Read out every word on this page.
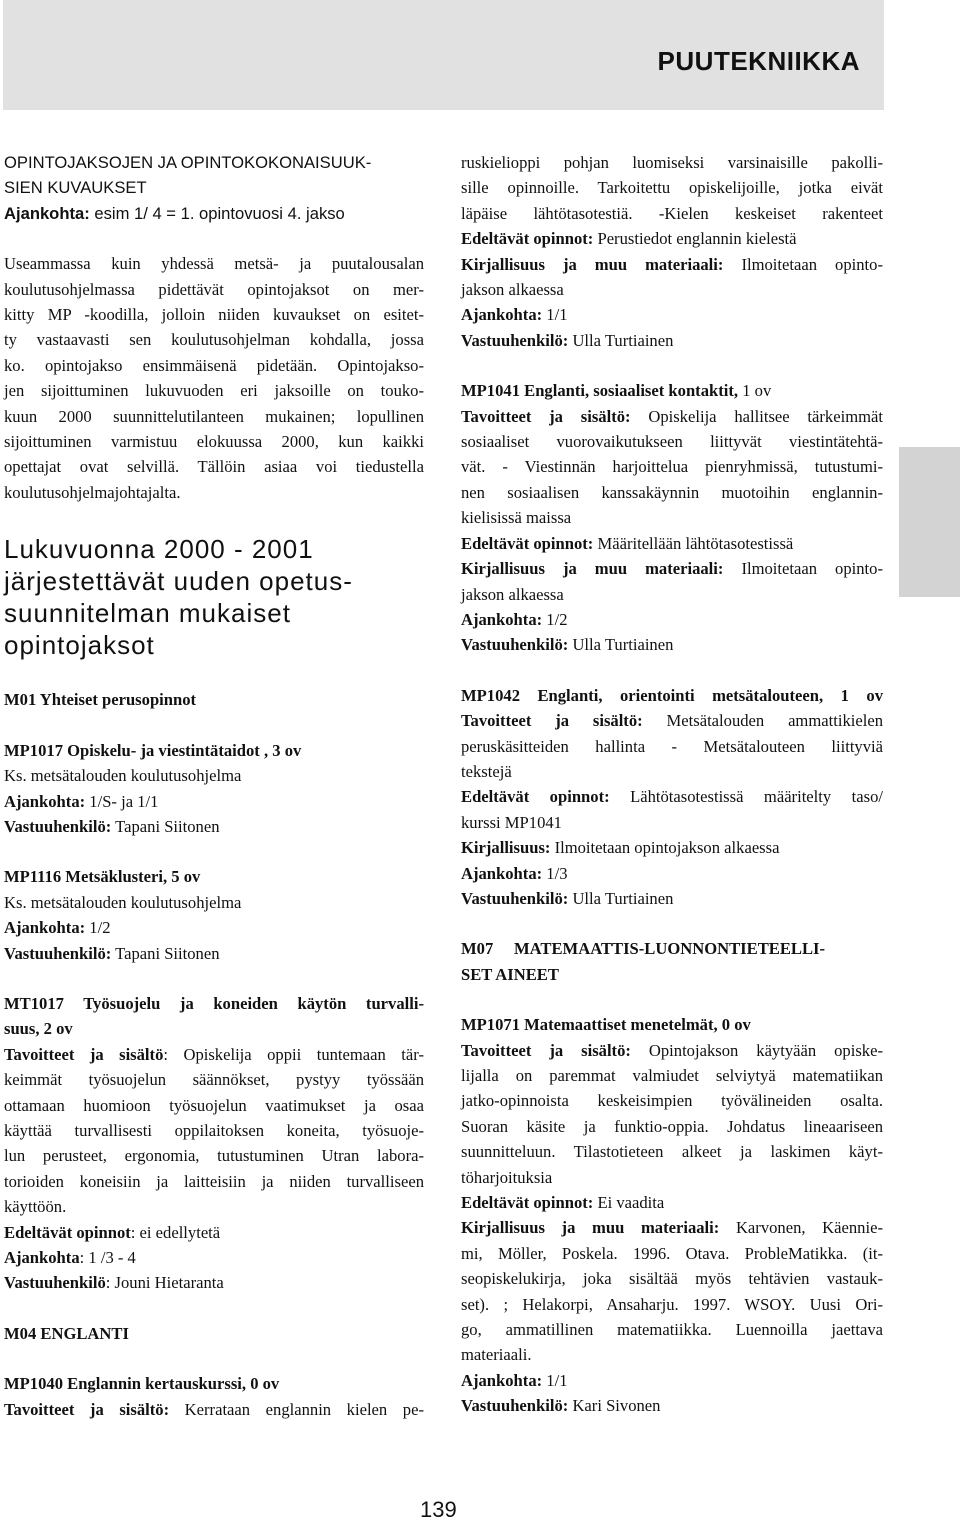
PUUTEKNIIKKA
OPINTOJAKSOJEN JA OPINTOKOKONAISUUK-
SIEN KUVAUKSET
Ajankohta: esim 1/ 4 = 1. opintovuosi 4. jakso
Useammassa kuin yhdessä metsä- ja puutalousalan
koulutusohjelmassa pidettävät opintojaksot on mer-
kitty MP -koodilla, jolloin niiden kuvaukset on esitet-
ty vastaavasti sen koulutusohjelman kohdalla, jossa
ko. opintojakso ensimmäisenä pidetään. Opintojakso-
jen sijoittuminen lukuvuoden eri jaksoille on touko-
kuun 2000 suunnittelutilanteen mukainen; lopullinen
sijoittuminen varmistuu elokuussa 2000, kun kaikki
opettajat ovat selvillä. Tällöin asiaa voi tiedustella
koulutusohjelmajohtajalta.
Lukuvuonna 2000 - 2001
järjestettävät uuden opetus-
suunnitelman mukaiset
opintojaksot
M01 Yhteiset perusopinnot
MP1017 Opiskelu- ja viestintätaidot , 3 ov
Ks. metsätalouden koulutusohjelma
Ajankohta: 1/S- ja 1/1
Vastuuhenkilö: Tapani Siitonen
MP1116 Metsäklusteri, 5 ov
Ks. metsätalouden koulutusohjelma
Ajankohta: 1/2
Vastuuhenkilö: Tapani Siitonen
MT1017 Työsuojelu ja koneiden käytön turvalli-
suus, 2 ov
Tavoitteet ja sisältö: Opiskelija oppii tuntemaan tär-
keimmät työsuojelun säännökset, pystyy työssään
ottamaan huomioon työsuojelun vaatimukset ja osaa
käyttää turvallisesti oppilaitoksen koneita, työsuoje-
lun perusteet, ergonomia, tutustuminen Utran labora-
torioiden koneisiin ja laitteisiin ja niiden turvalliseen
käyttöön.
Edeltävät opinnot: ei edellytetä
Ajankohta: 1 /3 - 4
Vastuuhenkilö: Jouni Hietaranta
M04 ENGLANTI
MP1040 Englannin kertauskurssi, 0 ov
Tavoitteet ja sisältö: Kerrataan englannin kielen pe-
ruskielioppi pohjan luomiseksi varsinaisille pakolli-
sille opinnoille. Tarkoitettu opiskelijoille, jotka eivät
läpäise lähtötasotestiä. -Kielen keskeiset rakenteet
Edeltävät opinnot: Perustiedot englannin kielestä
Kirjallisuus ja muu materiaali: Ilmoitetaan opinto-
jakson alkaessa
Ajankohta: 1/1
Vastuuhenkilö: Ulla Turtiainen
MP1041 Englanti, sosiaaliset kontaktit, 1 ov
Tavoitteet ja sisältö: Opiskelija hallitsee tärkeimmät
sosiaaliset vuorovaikutukseen liittyvät viestintätehtä-
vät. - Viestinnän harjoittelua pienryhmissä, tutustumi-
nen sosiaalisen kanssakäynnin muotoihin englannin-
kielisissä maissa
Edeltävät opinnot: Määritellään lähtötasotestissä
Kirjallisuus ja muu materiaali: Ilmoitetaan opinto-
jakson alkaessa
Ajankohta: 1/2
Vastuuhenkilö: Ulla Turtiainen
MP1042 Englanti, orientointi metsätalouteen, 1 ov
Tavoitteet ja sisältö: Metsätalouden ammattikielen
peruskäsitteiden hallinta - Metsätalouteen liittyviä
tekstejä
Edeltävät opinnot: Lähtötasotestissä määritelty taso/
kurssi MP1041
Kirjallisuus: Ilmoitetaan opintojakson alkaessa
Ajankohta: 1/3
Vastuuhenkilö: Ulla Turtiainen
M07     MATEMAATTIS-LUONNONTIETEELLI-
SET AINEET
MP1071 Matemaattiset menetelmät, 0 ov
Tavoitteet ja sisältö: Opintojakson käytyään opiske-
lijalla on paremmat valmiudet selviytyä matematiikan
jatko-opinnoista keskeisimpien työvälineiden osalta.
Suoran käsite ja funktio-oppia. Johdatus lineaariseen
suunnitteluun. Tilastotieteen alkeet ja laskimen käyt-
töharjoituksia
Edeltävät opinnot: Ei vaadita
Kirjallisuus ja muu materiaali: Karvonen, Käennie-
mi, Möller, Poskela. 1996. Otava. ProbleMatikka. (it-
seopiskelukirja, joka sisältää myös tehtävien vastauk-
set). ; Helakorpi, Ansaharju. 1997. WSOY. Uusi Ori-
go, ammatillinen matematiikka. Luennoilla jaettava
materiaali.
Ajankohta: 1/1
Vastuuhenkilö: Kari Sivonen
139
